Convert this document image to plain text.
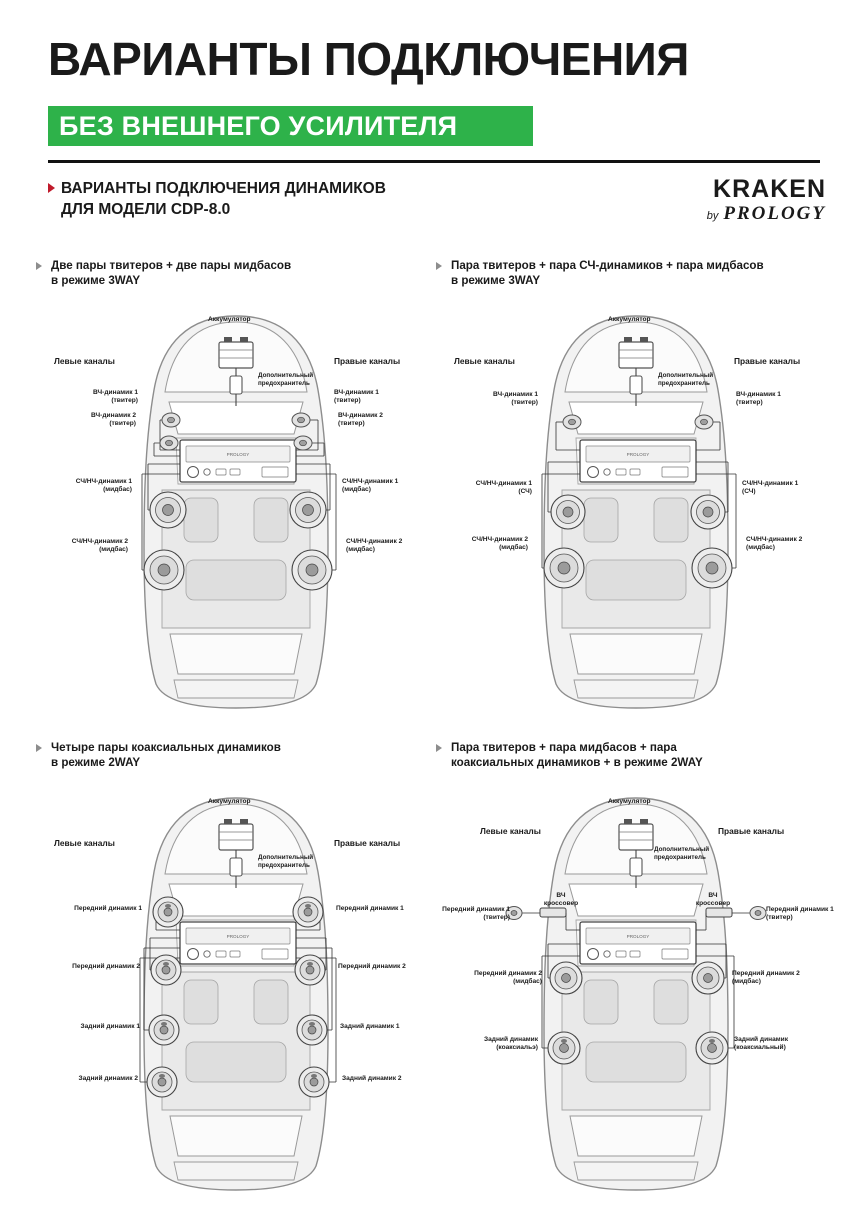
ВАРИАНТЫ ПОДКЛЮЧЕНИЯ
БЕЗ ВНЕШНЕГО УСИЛИТЕЛЯ
ВАРИАНТЫ ПОДКЛЮЧЕНИЯ ДИНАМИКОВ
ДЛЯ МОДЕЛИ CDP-8.0
KRAKEN
by PROLOGY
Две пары твитеров + две пары мидбасов
в режиме 3WAY
PROLOGY
Аккумулятор
Дополнительный
предохранитель
Левые каналы	Правые каналы
ВЧ-динамик 1
(твитер)
ВЧ-динамик 2
(твитер)
СЧ/НЧ-динамик 1
(мидбас)
СЧ/НЧ-динамик 2
(мидбас)
ВЧ-динамик 1
(твитер)
ВЧ-динамик 2
(твитер)
СЧ/НЧ-динамик 1
(мидбас)
СЧ/НЧ-динамик 2
(мидбас)
Пара твитеров + пара СЧ-динамиков + пара мидбасов
в режиме 3WAY
PROLOGY
Аккумулятор
Дополнительный
предохранитель
Левые каналы	Правые каналы
ВЧ-динамик 1
(твитер)
СЧ/НЧ-динамик 1
(СЧ)
СЧ/НЧ-динамик 2
(мидбас)
ВЧ-динамик 1
(твитер)
СЧ/НЧ-динамик 1
(СЧ)
СЧ/НЧ-динамик 2
(мидбас)
Четыре пары коаксиальных динамиков
в режиме 2WAY
PROLOGY
Аккумулятор
Дополнительный
предохранитель
Левые каналы	Правые каналы
Передний динамик 1
Передний динамик 2
Задний динамик 1
Задний динамик 2
Передний динамик 1
Передний динамик 2
Задний динамик 1
Задний динамик 2
Пара твитеров + пара мидбасов + пара
коаксиальных динамиков + в режиме 2WAY
PROLOGY
Аккумулятор
Дополнительный
предохранитель
Левые каналы	Правые каналы
ВЧ
кроссовер
ВЧ
кроссовер
Передний динамик 1
(твитер)
Передний динамик 2
(мидбас)
Задний динамик
(коаксиальэ)
Передний динамик 1
(твитер)
Передний динамик 2
(мидбас)
Задний динамик
(коаксиальный)
